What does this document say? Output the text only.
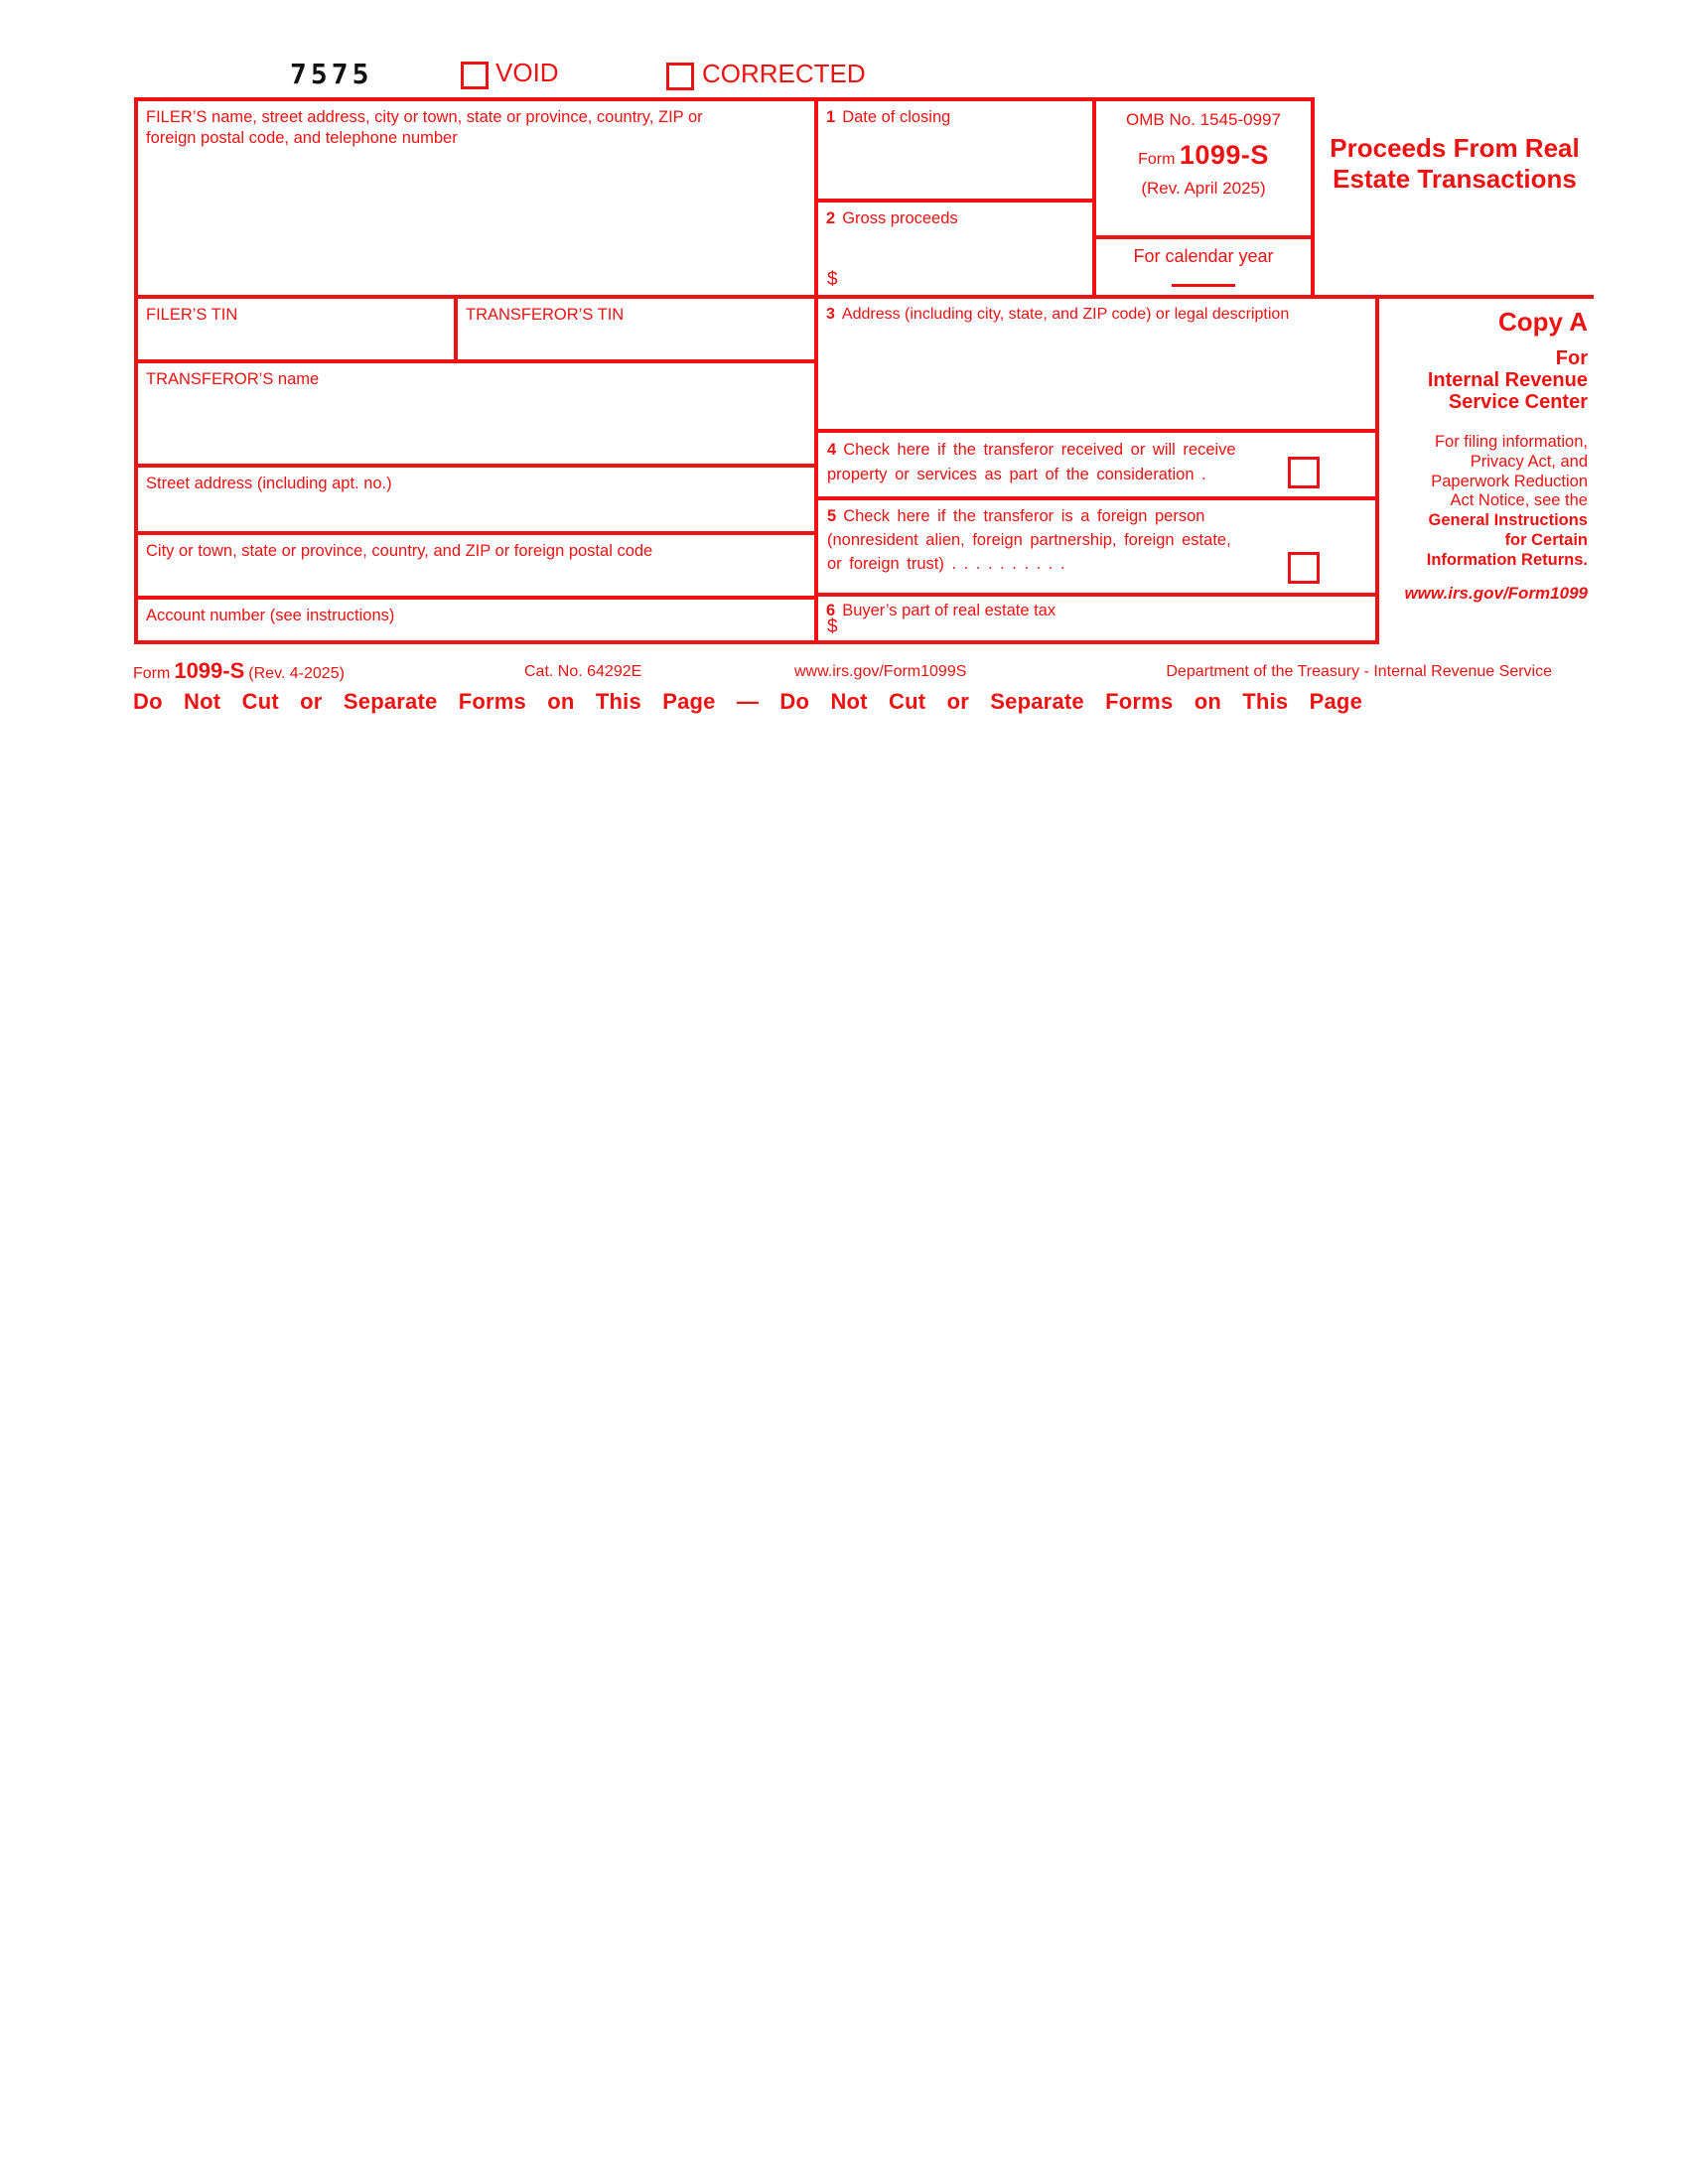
7575	VOID	CORRECTED
FILER’S name, street address, city or town, state or province, country, ZIP or foreign postal code, and telephone number
1 Date of closing
2 Gross proceeds
$
OMB No. 1545-0997
Form 1099-S
(Rev. April 2025)
For calendar year
Proceeds From Real
Estate Transactions
FILER’S TIN	TRANSFEROR’S TIN	3 Address (including city, state, and ZIP code) or legal description
TRANSFEROR’S name
Street address (including apt. no.)
City or town, state or province, country, and ZIP or foreign postal code
Account number (see instructions)
4 Check here if the transferor received or will receive
property or services as part of the consideration .
5 Check here if the transferor is a foreign person
(nonresident alien, foreign partnership, foreign estate,
or foreign trust) . . . . . . . . . .
6 Buyer’s part of real estate tax
$
Copy A
For
Internal Revenue
Service Center
For filing information,
Privacy Act, and
Paperwork Reduction
Act Notice, see the
General Instructions
for Certain
Information Returns.
www.irs.gov/Form1099
Form 1099-S (Rev. 4-2025)	Cat. No. 64292E	www.irs.gov/Form1099S	Department of the Treasury - Internal Revenue Service
Do Not Cut or Separate Forms on This Page — Do Not Cut or Separate Forms on This Page
